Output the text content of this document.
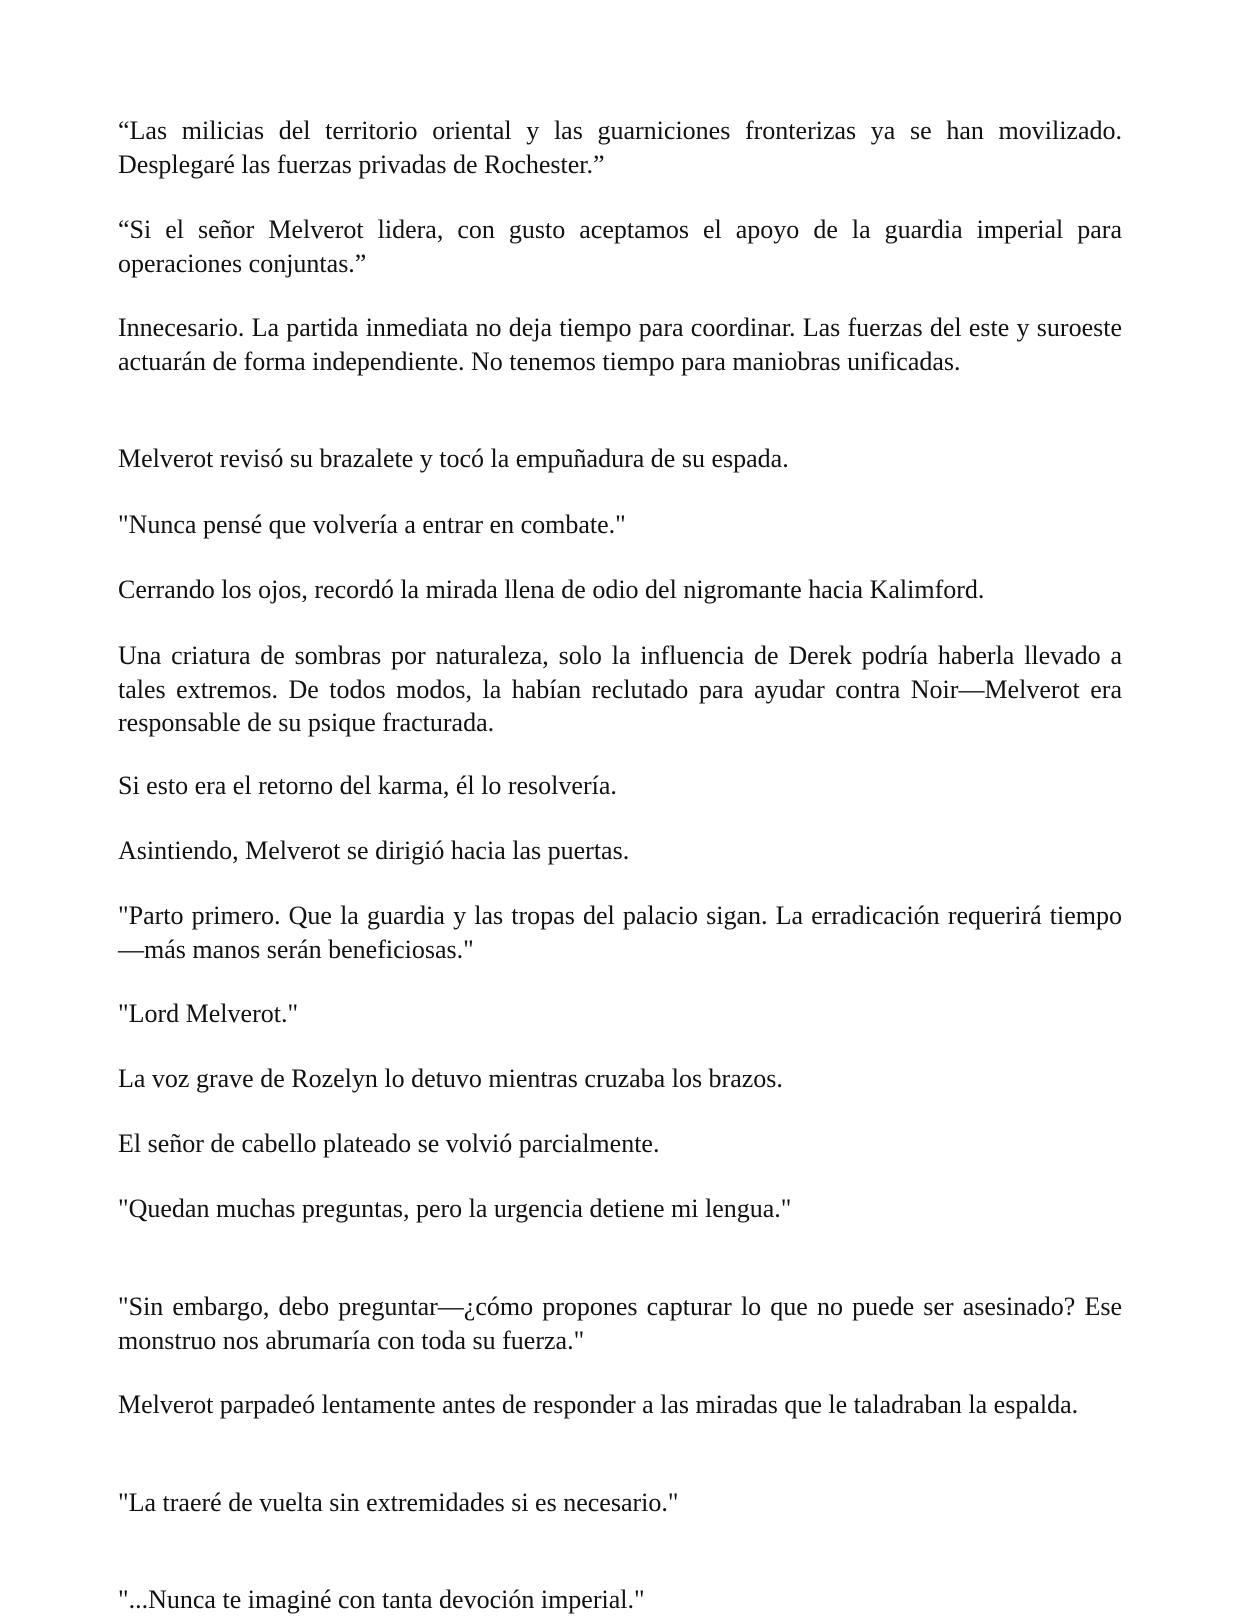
“Las milicias del territorio oriental y las guarniciones fronterizas ya se han movilizado. Desplegaré las fuerzas privadas de Rochester.”

“Si el señor Melverot lidera, con gusto aceptamos el apoyo de la guardia imperial para operaciones conjuntas.”

Innecesario. La partida inmediata no deja tiempo para coordinar. Las fuerzas del este y suroeste actuarán de forma independiente. No tenemos tiempo para maniobras unificadas.

Melverot revisó su brazalete y tocó la empuñadura de su espada.

"Nunca pensé que volvería a entrar en combate."

Cerrando los ojos, recordó la mirada llena de odio del nigromante hacia Kalimford.

Una criatura de sombras por naturaleza, solo la influencia de Derek podría haberla llevado a tales extremos. De todos modos, la habían reclutado para ayudar contra Noir—Melverot era responsable de su psique fracturada.

Si esto era el retorno del karma, él lo resolvería.

Asintiendo, Melverot se dirigió hacia las puertas.

"Parto primero. Que la guardia y las tropas del palacio sigan. La erradicación requerirá tiempo—más manos serán beneficiosas."

"Lord Melverot."

La voz grave de Rozelyn lo detuvo mientras cruzaba los brazos.

El señor de cabello plateado se volvió parcialmente.

"Quedan muchas preguntas, pero la urgencia detiene mi lengua."

"Sin embargo, debo preguntar—¿cómo propones capturar lo que no puede ser asesinado? Ese monstruo nos abrumaría con toda su fuerza."

Melverot parpadeó lentamente antes de responder a las miradas que le taladraban la espalda.

"La traeré de vuelta sin extremidades si es necesario."

"...Nunca te imaginé con tanta devoción imperial."
